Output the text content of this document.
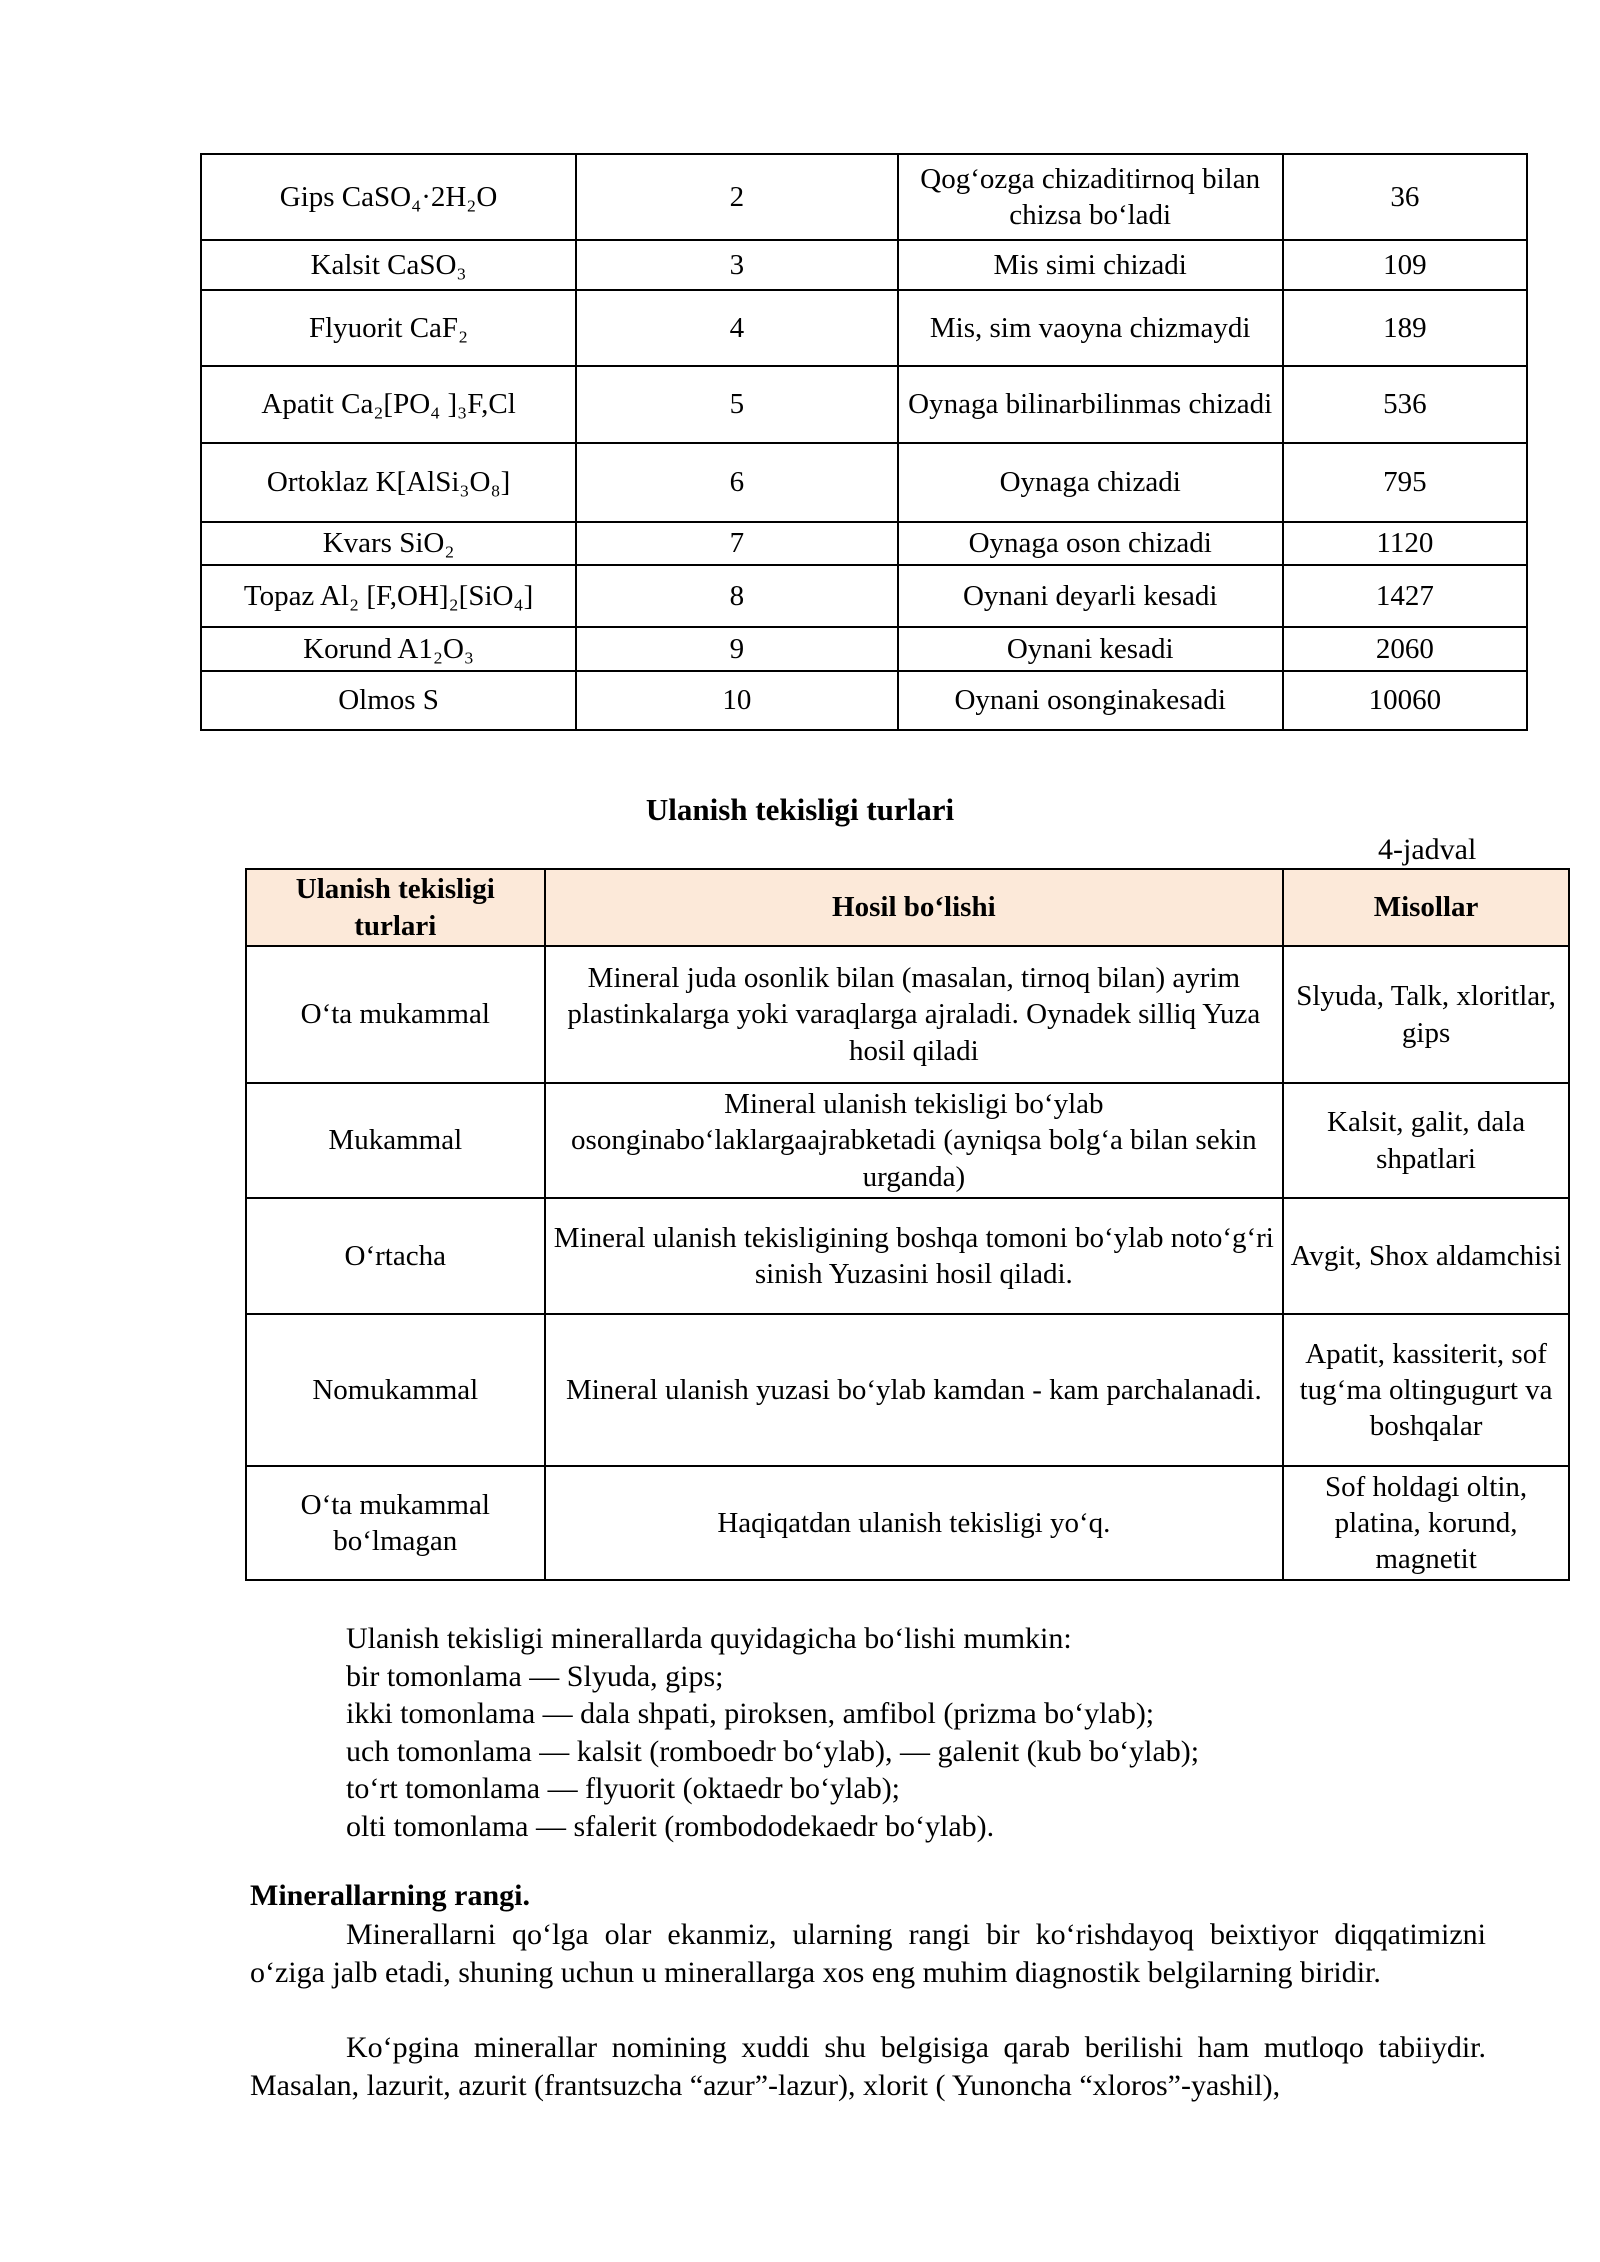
Gips CaSO₄·2H₂O	2	Qog‘ozga chizaditirnoq bilan chizsa bo‘ladi	36
Kalsit CaSO₃	3	Mis simi chizadi	109
Flyuorit CaF₂	4	Mis, sim vaoyna chizmaydi	189
Apatit Ca₂[PO₄ ]₃F,Cl	5	Oynaga bilinarbilinmas chizadi	536
Ortoklaz K[AlSi₃O₈]	6	Oynaga chizadi	795
Kvars SiO₂	7	Oynaga oson chizadi	1120
Topaz Al₂ [F,OH]₂[SiO₄]	8	Oynani deyarli kesadi	1427
Korund A1₂O₃	9	Oynani kesadi	2060
Olmos S	10	Oynani osonginakesadi	10060
Ulanish tekisligi turlari
4-jadval
Ulanish tekisligi turlari	Hosil bo‘lishi	Misollar
O‘ta mukammal	Mineral juda osonlik bilan (masalan, tirnoq bilan) ayrim plastinkalarga yoki varaqlarga ajraladi. Oynadek silliq Yuza hosil qiladi	Slyuda, Talk, xloritlar, gips
Mukammal	Mineral ulanish tekisligi bo‘ylab osonginabo‘laklargaajrabketadi (ayniqsa bolg‘a bilan sekin urganda)	Kalsit, galit, dala shpatlari
O‘rtacha	Mineral ulanish tekisligining boshqa tomoni bo‘ylab noto‘g‘ri sinish Yuzasini hosil qiladi.	Avgit, Shox aldamchisi
Nomukammal	Mineral ulanish yuzasi bo‘ylab kamdan - kam parchalanadi.	Apatit, kassiterit, sof tug‘ma oltingugurt va boshqalar
O‘ta mukammal bo‘lmagan	Haqiqatdan ulanish tekisligi yo‘q.	Sof holdagi oltin, platina, korund, magnetit
Ulanish tekisligi minerallarda quyidagicha bo‘lishi mumkin:
bir tomonlama — Slyuda, gips;
ikki tomonlama — dala shpati, piroksen, amfibol (prizma bo‘ylab);
uch tomonlama — kalsit (romboedr bo‘ylab), — galenit (kub bo‘ylab);
to‘rt tomonlama — flyuorit (oktaedr bo‘ylab);
olti tomonlama — sfalerit (rombododekaedr bo‘ylab).
Minerallarning rangi.
Minerallarni qo‘lga olar ekanmiz, ularning rangi bir ko‘rishdayoq beixtiyor diqqatimizni o‘ziga jalb etadi, shuning uchun u minerallarga xos eng muhim diagnostik belgilarning biridir.
Ko‘pgina minerallar nomining xuddi shu belgisiga qarab berilishi ham mutloqo tabiiydir. Masalan, lazurit, azurit (frantsuzcha “azur”-lazur), xlorit ( Yunoncha “xloros”-yashil),
